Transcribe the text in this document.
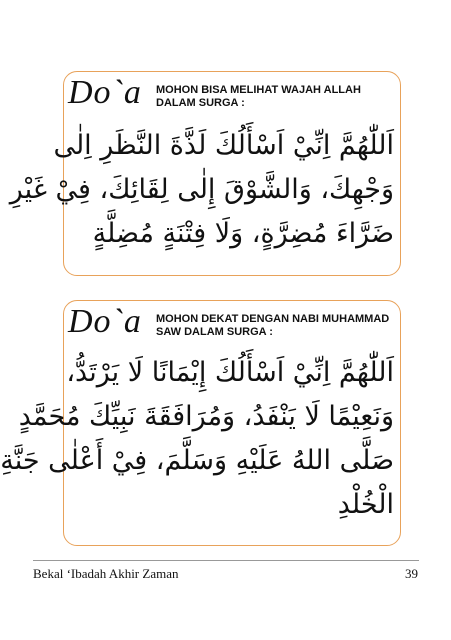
Do`a MOHON BISA MELIHAT WAJAH ALLAH DALAM SURGA :
اَللّٰهُمَّ اِنِّيْ اَسْأَلُكَ لَذَّةَ النَّظَرِ اِلٰى
وَجْهِكَ، وَالشَّوْقَ إِلٰى لِقَائِكَ، فِيْ غَيْرِ
ضَرَّاءَ مُضِرَّةٍ، وَلَا فِتْنَةٍ مُضِلَّةٍ
Do`a MOHON DEKAT DENGAN NABI MUHAMMAD SAW DALAM SURGA :
اَللّٰهُمَّ اِنِّيْ اَسْأَلُكَ إِيْمَانًا لَا يَرْتَدُّ،
وَنَعِيْمًا لَا يَنْفَدُ، وَمُرَافَقَةَ نَبِيِّكَ مُحَمَّدٍ
صَلَّى اللهُ عَلَيْهِ وَسَلَّمَ، فِيْ أَعْلٰى جَنَّةِ
الْخُلْدِ
Bekal ‘Ibadah Akhir Zaman	39
